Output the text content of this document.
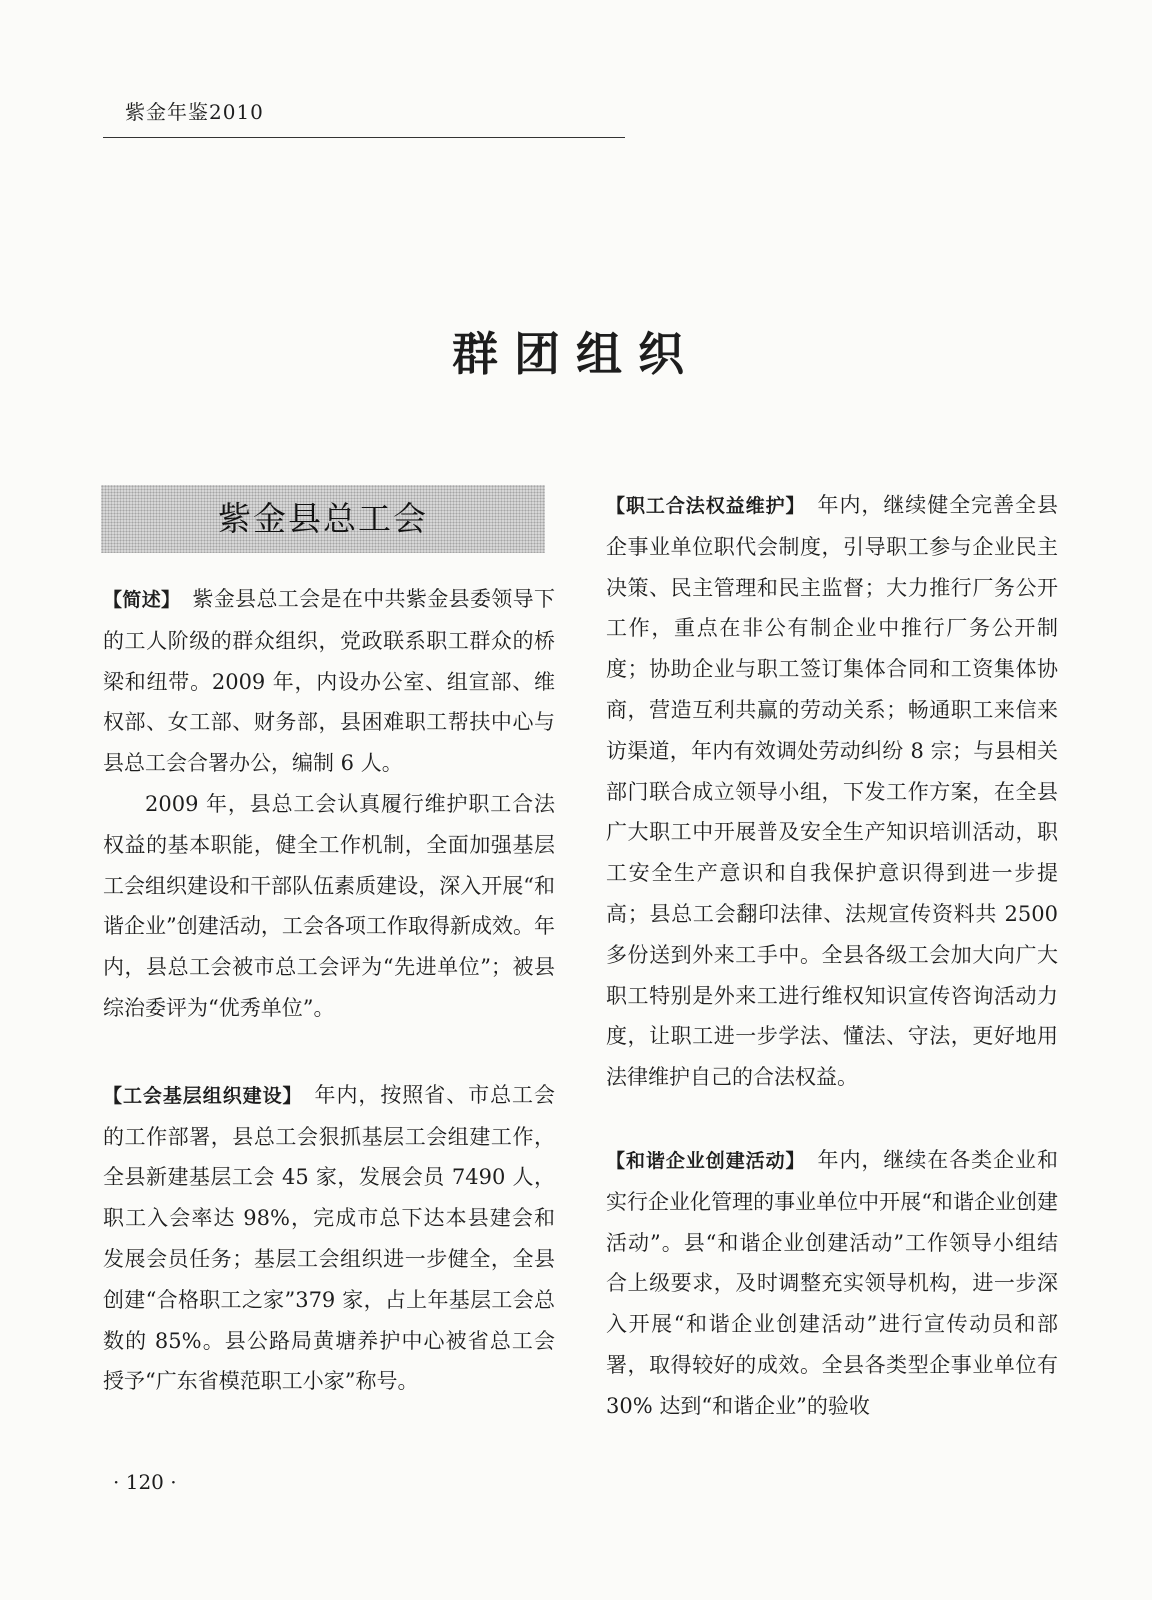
紫金年鉴2010
群团组织
紫金县总工会

【简述】 紫金县总工会是在中共紫金县委领导下的工人阶级的群众组织，党政联系职工群众的桥梁和纽带。2009 年，内设办公室、组宣部、维权部、女工部、财务部，县困难职工帮扶中心与县总工会合署办公，编制 6 人。

2009 年，县总工会认真履行维护职工合法权益的基本职能，健全工作机制，全面加强基层工会组织建设和干部队伍素质建设，深入开展“和谐企业”创建活动，工会各项工作取得新成效。年内，县总工会被市总工会评为“先进单位”；被县综治委评为“优秀单位”。

【工会基层组织建设】 年内，按照省、市总工会的工作部署，县总工会狠抓基层工会组建工作，全县新建基层工会 45 家，发展会员 7490 人，职工入会率达 98%，完成市总下达本县建会和发展会员任务；基层工会组织进一步健全，全县创建“合格职工之家”379 家，占上年基层工会总数的 85%。县公路局黄塘养护中心被省总工会授予“广东省模范职工小家”称号。

【职工合法权益维护】 年内，继续健全完善全县企事业单位职代会制度，引导职工参与企业民主决策、民主管理和民主监督；大力推行厂务公开工作，重点在非公有制企业中推行厂务公开制度；协助企业与职工签订集体合同和工资集体协商，营造互利共赢的劳动关系；畅通职工来信来访渠道，年内有效调处劳动纠纷 8 宗；与县相关部门联合成立领导小组，下发工作方案，在全县广大职工中开展普及安全生产知识培训活动，职工安全生产意识和自我保护意识得到进一步提高；县总工会翻印法律、法规宣传资料共 2500 多份送到外来工手中。全县各级工会加大向广大职工特别是外来工进行维权知识宣传咨询活动力度，让职工进一步学法、懂法、守法，更好地用法律维护自己的合法权益。

【和谐企业创建活动】 年内，继续在各类企业和实行企业化管理的事业单位中开展“和谐企业创建活动”。县“和谐企业创建活动”工作领导小组结合上级要求，及时调整充实领导机构，进一步深入开展“和谐企业创建活动”进行宣传动员和部署，取得较好的成效。全县各类型企事业单位有 30% 达到“和谐企业”的验收

· 120 ·
